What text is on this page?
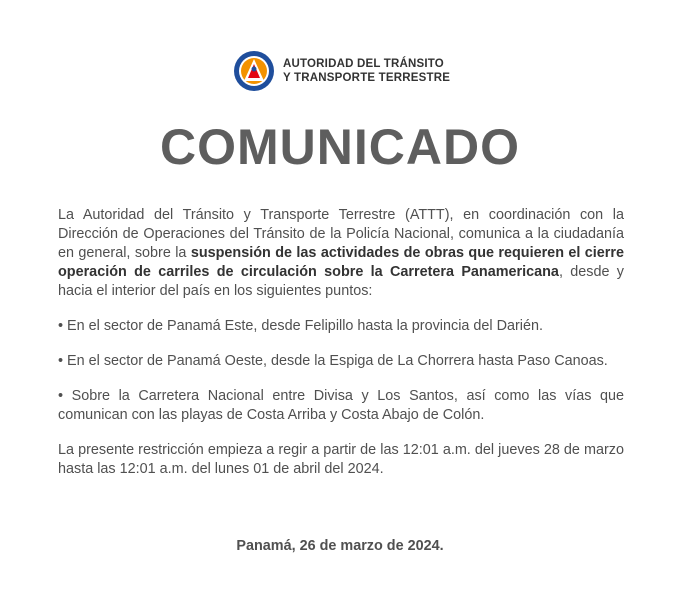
AUTORIDAD DEL TRÁNSITO
Y TRANSPORTE TERRESTRE
COMUNICADO

La Autoridad del Tránsito y Transporte Terrestre (ATTT), en coordinación con la Dirección de Operaciones del Tránsito de la Policía Nacional, comunica a la ciudadanía en general, sobre la suspensión de las actividades de obras que requieren el cierre operación de carriles de circulación sobre la Carretera Panamericana, desde y hacia el interior del país en los siguientes puntos:

• En el sector de Panamá Este, desde Felipillo hasta la provincia del Darién.

• En el sector de Panamá Oeste, desde la Espiga de La Chorrera hasta Paso Canoas.

• Sobre la Carretera Nacional entre Divisa y Los Santos, así como las vías que comunican con las playas de Costa Arriba y Costa Abajo de Colón.

La presente restricción empieza a regir a partir de las 12:01 a.m. del jueves 28 de marzo hasta las 12:01 a.m. del lunes 01 de abril del 2024.

Panamá, 26 de marzo de 2024.
